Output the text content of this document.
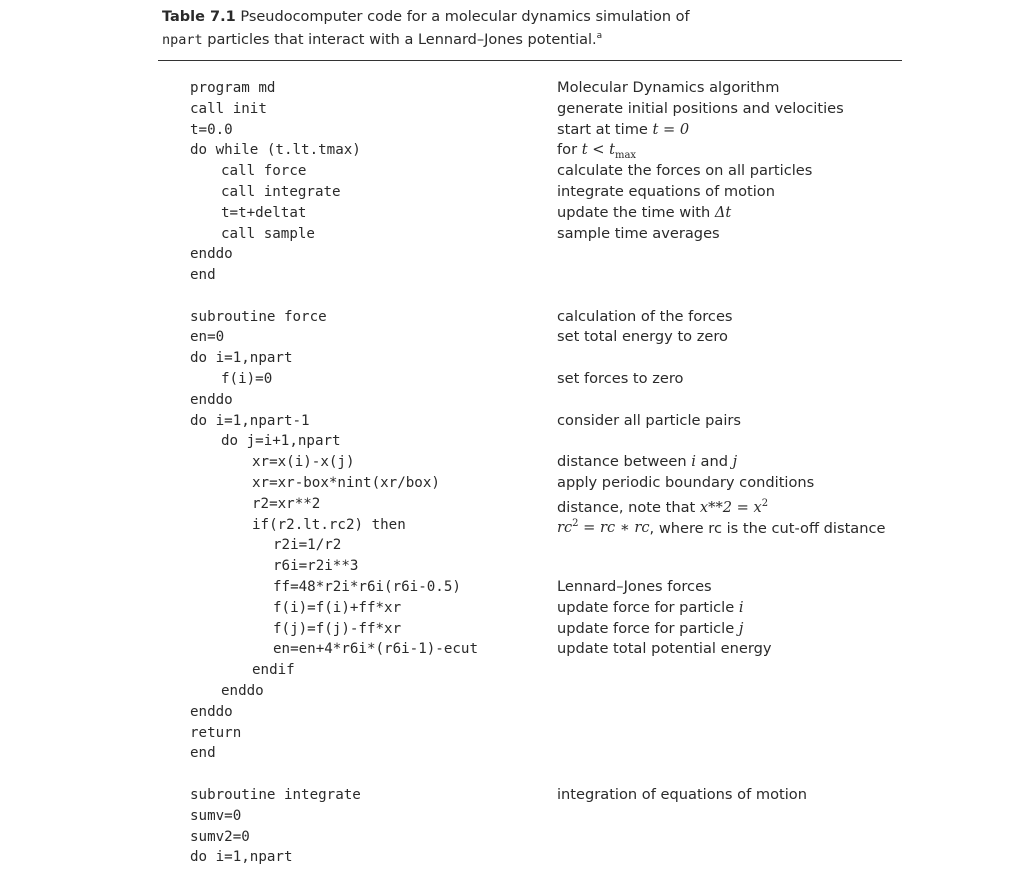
Table 7.1 Pseudocomputer code for a molecular dynamics simulation of
npart particles that interact with a Lennard–Jones potential.$^a$
program md	Molecular Dynamics algorithm
call init	generate initial positions and velocities
t=0.0	start at time t = 0
do while (t.lt.tmax)	for $t < t_{max}$
call force	calculate the forces on all particles
call integrate	integrate equations of motion
t=t+deltat	update the time with Δt
call sample	sample time averages
enddo
end
subroutine force	calculation of the forces
en=0	set total energy to zero
do i=1,npart
f(i)=0	set forces to zero
enddo
do i=1,npart-1	consider all particle pairs
do j=i+1,npart
xr=x(i)-x(j)	distance between i and j
xr=xr-box*nint(xr/box)	apply periodic boundary conditions
r2=xr**2	distance, note that $x**2 = x^2$
if(r2.lt.rc2) then	$rc^2$ = rc ∗ rc, where rc is the cut-off distance
r2i=1/r2
r6i=r2i**3
ff=48*r2i*r6i(r6i-0.5)	Lennard–Jones forces
f(i)=f(i)+ff*xr	update force for particle i
f(j)=f(j)-ff*xr	update force for particle j
en=en+4*r6i*(r6i-1)-ecut	update total potential energy
endif
enddo
enddo
return
end
subroutine integrate	integration of equations of motion
sumv=0
sumv2=0
do i=1,npart
